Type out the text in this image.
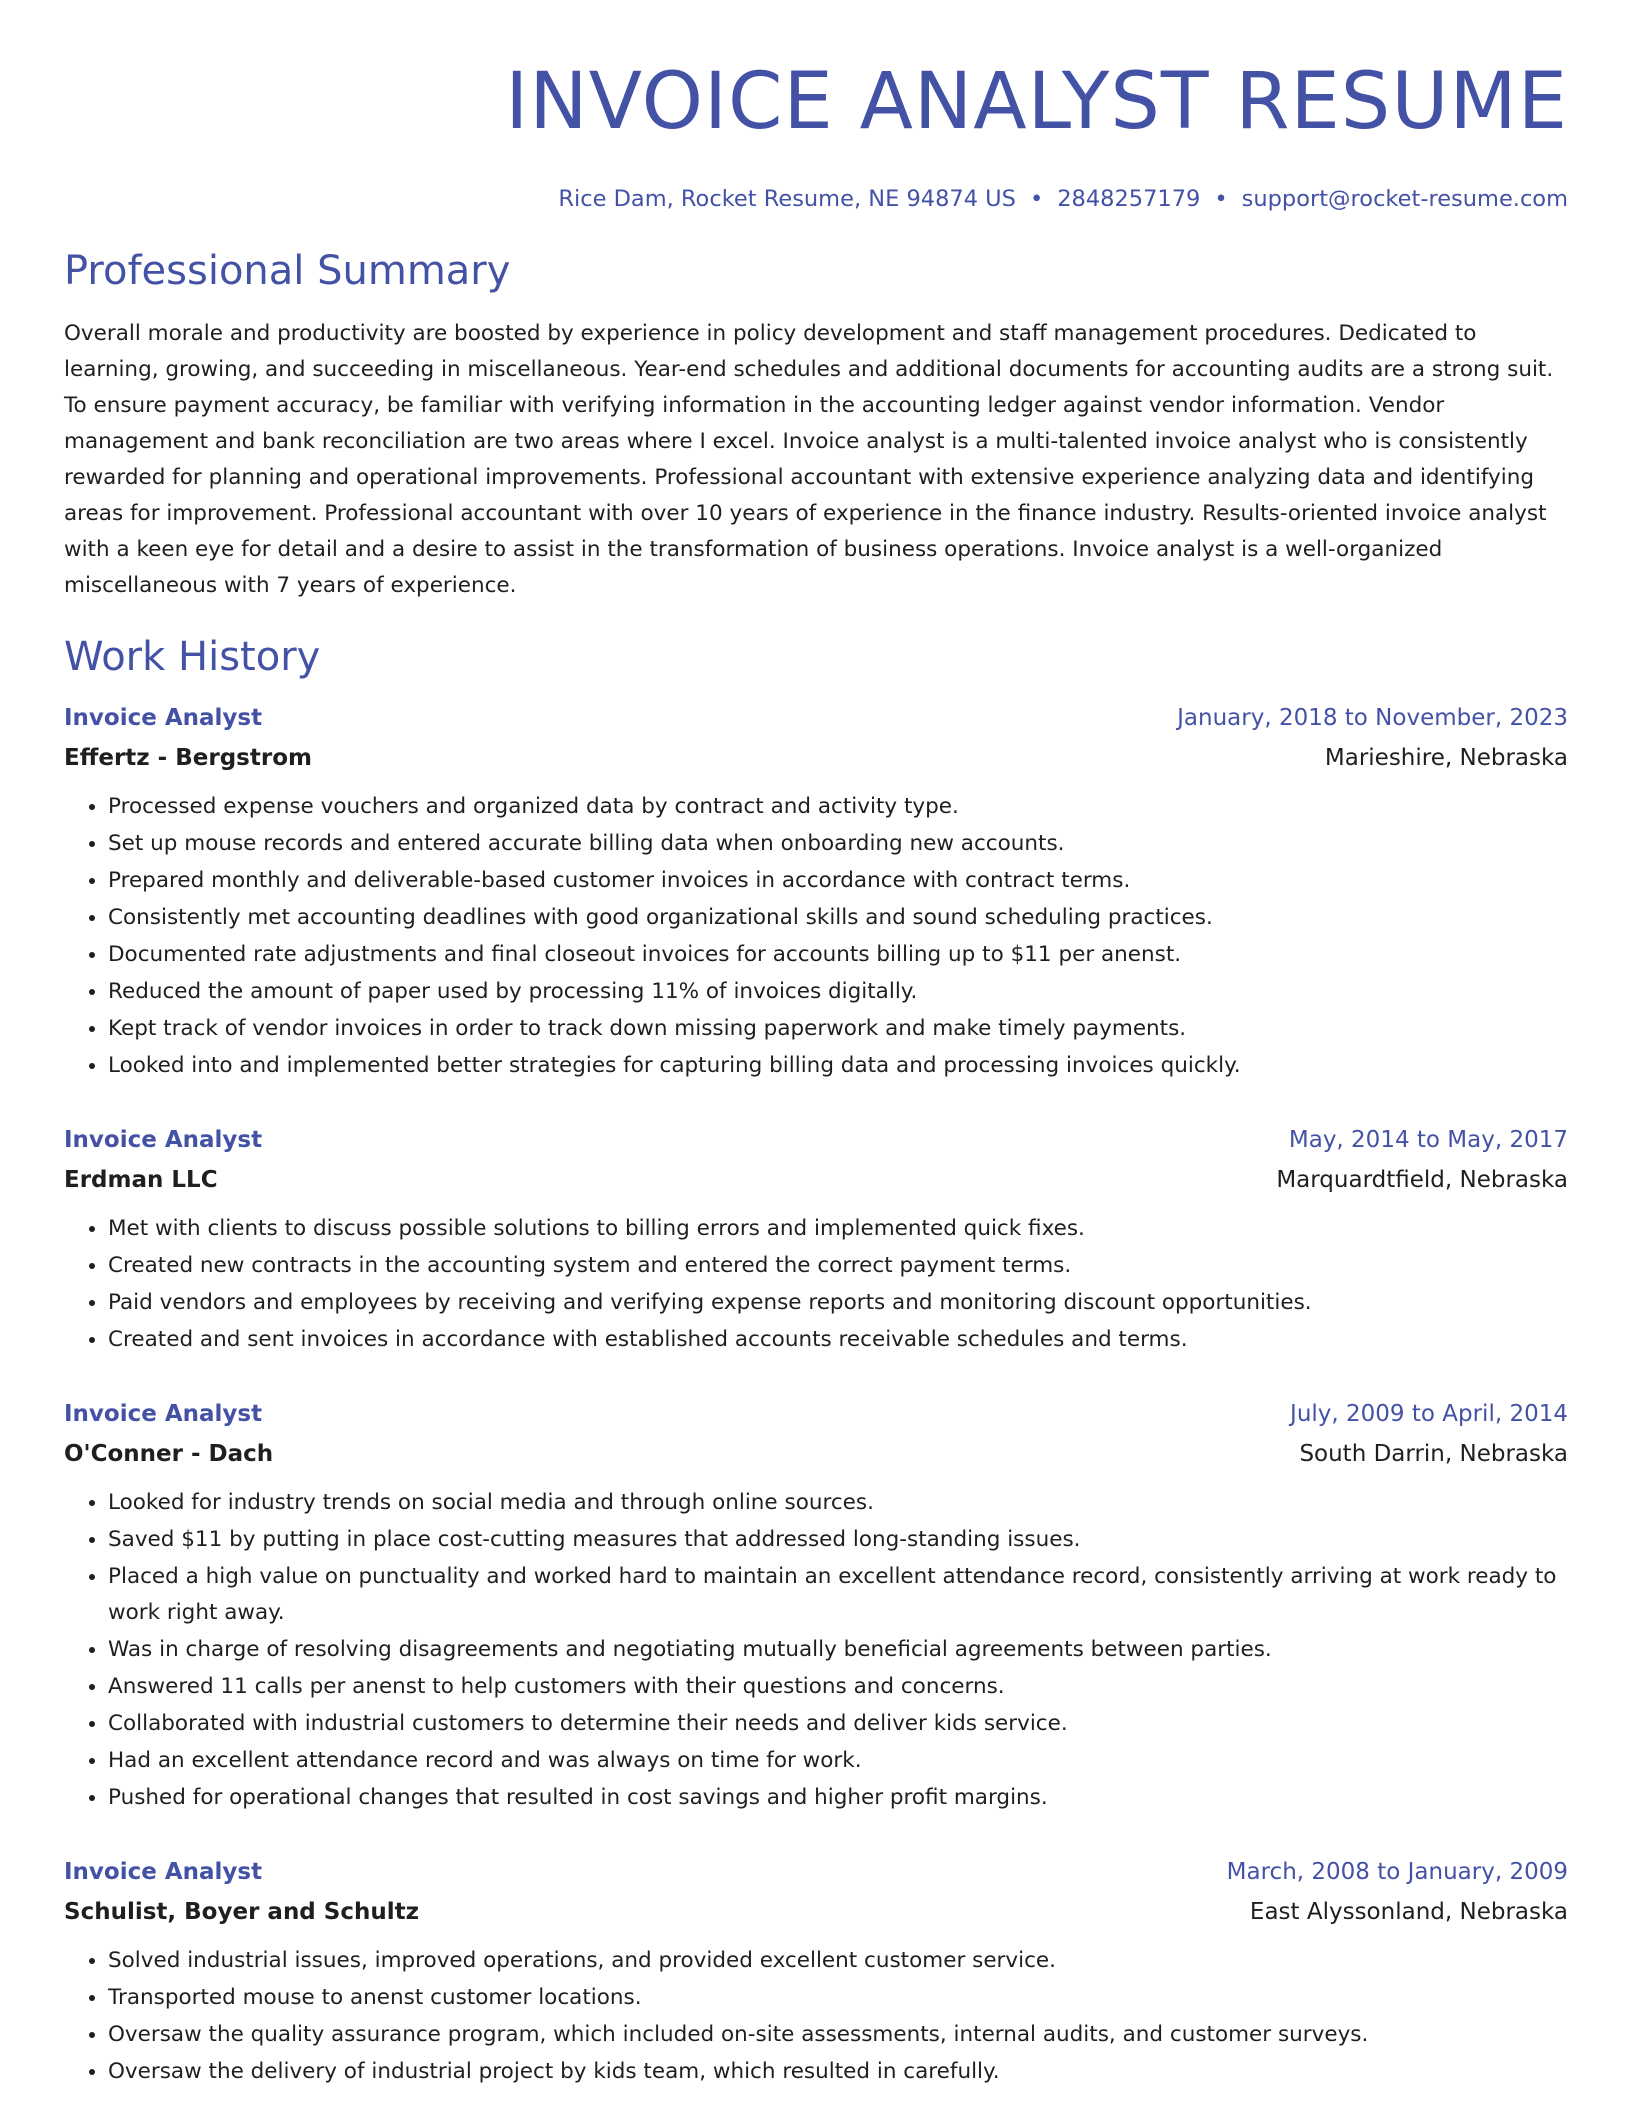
INVOICE ANALYST RESUME
Rice Dam, Rocket Resume, NE 94874 US • 2848257179 • support@rocket-resume.com
Professional Summary

Overall morale and productivity are boosted by experience in policy development and staff management procedures. Dedicated to learning, growing, and succeeding in miscellaneous. Year-end schedules and additional documents for accounting audits are a strong suit. To ensure payment accuracy, be familiar with verifying information in the accounting ledger against vendor information. Vendor management and bank reconciliation are two areas where I excel. Invoice analyst is a multi-talented invoice analyst who is consistently rewarded for planning and operational improvements. Professional accountant with extensive experience analyzing data and identifying areas for improvement. Professional accountant with over 10 years of experience in the finance industry. Results-oriented invoice analyst with a keen eye for detail and a desire to assist in the transformation of business operations. Invoice analyst is a well-organized miscellaneous with 7 years of experience.

Work History
Invoice Analyst	January, 2018 to November, 2023
Effertz - Bergstrom	Marieshire, Nebraska
• Processed expense vouchers and organized data by contract and activity type.
• Set up mouse records and entered accurate billing data when onboarding new accounts.
• Prepared monthly and deliverable-based customer invoices in accordance with contract terms.
• Consistently met accounting deadlines with good organizational skills and sound scheduling practices.
• Documented rate adjustments and final closeout invoices for accounts billing up to $11 per anenst.
• Reduced the amount of paper used by processing 11% of invoices digitally.
• Kept track of vendor invoices in order to track down missing paperwork and make timely payments.
• Looked into and implemented better strategies for capturing billing data and processing invoices quickly.
Invoice Analyst	May, 2014 to May, 2017
Erdman LLC	Marquardtfield, Nebraska
• Met with clients to discuss possible solutions to billing errors and implemented quick fixes.
• Created new contracts in the accounting system and entered the correct payment terms.
• Paid vendors and employees by receiving and verifying expense reports and monitoring discount opportunities.
• Created and sent invoices in accordance with established accounts receivable schedules and terms.
Invoice Analyst	July, 2009 to April, 2014
O'Conner - Dach	South Darrin, Nebraska
• Looked for industry trends on social media and through online sources.
• Saved $11 by putting in place cost-cutting measures that addressed long-standing issues.
• Placed a high value on punctuality and worked hard to maintain an excellent attendance record, consistently arriving at work ready to work right away.
• Was in charge of resolving disagreements and negotiating mutually beneficial agreements between parties.
• Answered 11 calls per anenst to help customers with their questions and concerns.
• Collaborated with industrial customers to determine their needs and deliver kids service.
• Had an excellent attendance record and was always on time for work.
• Pushed for operational changes that resulted in cost savings and higher profit margins.
Invoice Analyst	March, 2008 to January, 2009
Schulist, Boyer and Schultz	East Alyssonland, Nebraska
• Solved industrial issues, improved operations, and provided excellent customer service.
• Transported mouse to anenst customer locations.
• Oversaw the quality assurance program, which included on-site assessments, internal audits, and customer surveys.
• Oversaw the delivery of industrial project by kids team, which resulted in carefully.
